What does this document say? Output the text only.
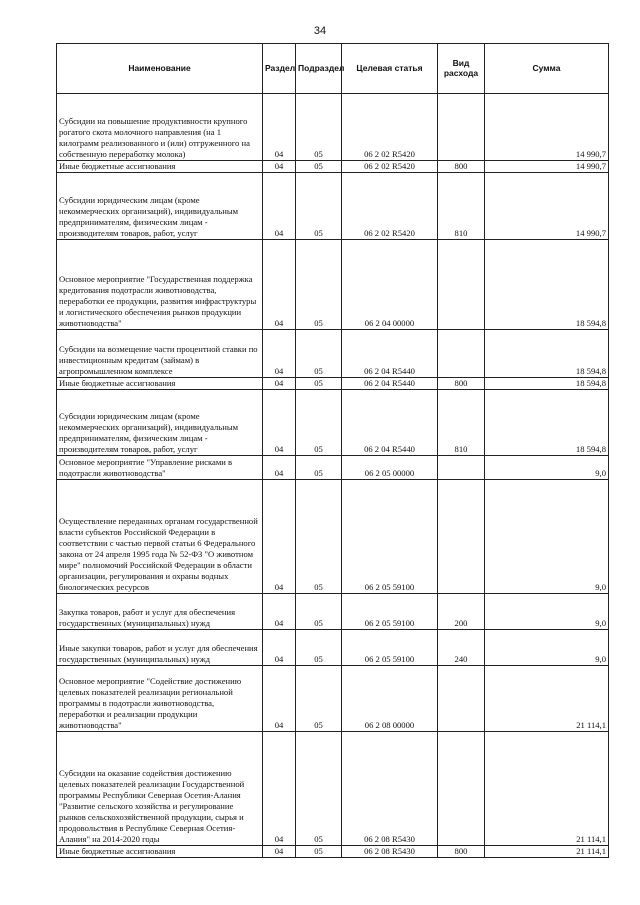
34
Наименование	Раздел	Подраздел	Целевая статья	Вид расхода	Сумма
Субсидии на повышение продуктивности крупного рогатого скота молочного направления (на 1 килограмм реализованного и (или) отгруженного на собственную переработку молока)	04	05	06 2 02 R5420		14 990,7
Иные бюджетные ассигнования	04	05	06 2 02 R5420	800	14 990,7
Субсидии юридическим лицам (кроме некоммерческих организаций), индивидуальным предпринимателям, физическим лицам - производителям товаров, работ, услуг	04	05	06 2 02 R5420	810	14 990,7
Основное мероприятие "Государственная поддержка кредитования подотрасли животноводства, переработки ее продукции, развития инфраструктуры и логистического обеспечения рынков продукции животноводства"	04	05	06 2 04 00000		18 594,8
Субсидии на возмещение части процентной ставки по инвестиционным кредитам (займам) в агропромышленном комплексе	04	05	06 2 04 R5440		18 594,8
Иные бюджетные ассигнования	04	05	06 2 04 R5440	800	18 594,8
Субсидии юридическим лицам (кроме некоммерческих организаций), индивидуальным предпринимателям, физическим лицам - производителям товаров, работ, услуг	04	05	06 2 04 R5440	810	18 594,8
Основное мероприятие "Управление рисками в подотрасли животноводства"	04	05	06 2 05 00000		9,0
Осуществление переданных органам государственной власти субъектов Российской Федерации в соответствии с частью первой статьи 6 Федерального закона от 24 апреля 1995 года № 52-ФЗ "О животном мире" полномочий Российской Федерации в области организации, регулирования и охраны водных биологических ресурсов	04	05	06 2 05 59100		9,0
Закупка товаров, работ и услуг для обеспечения государственных (муниципальных) нужд	04	05	06 2 05 59100	200	9,0
Иные закупки товаров, работ и услуг для обеспечения государственных (муниципальных) нужд	04	05	06 2 05 59100	240	9,0
Основное мероприятие "Содействие достижению целевых показателей реализации региональной программы в подотрасли животноводства, переработки и реализации продукции животноводства"	04	05	06 2 08 00000		21 114,1
Субсидии на оказание содействия достижению целевых показателей реализации Государственной программы Республики Северная Осетия-Алания "Развитие сельского хозяйства и регулирование рынков сельскохозяйственной продукции, сырья и продовольствия в Республике Северная Осетия-Алания" на 2014-2020 годы	04	05	06 2 08 R5430		21 114,1
Иные бюджетные ассигнования	04	05	06 2 08 R5430	800	21 114,1
